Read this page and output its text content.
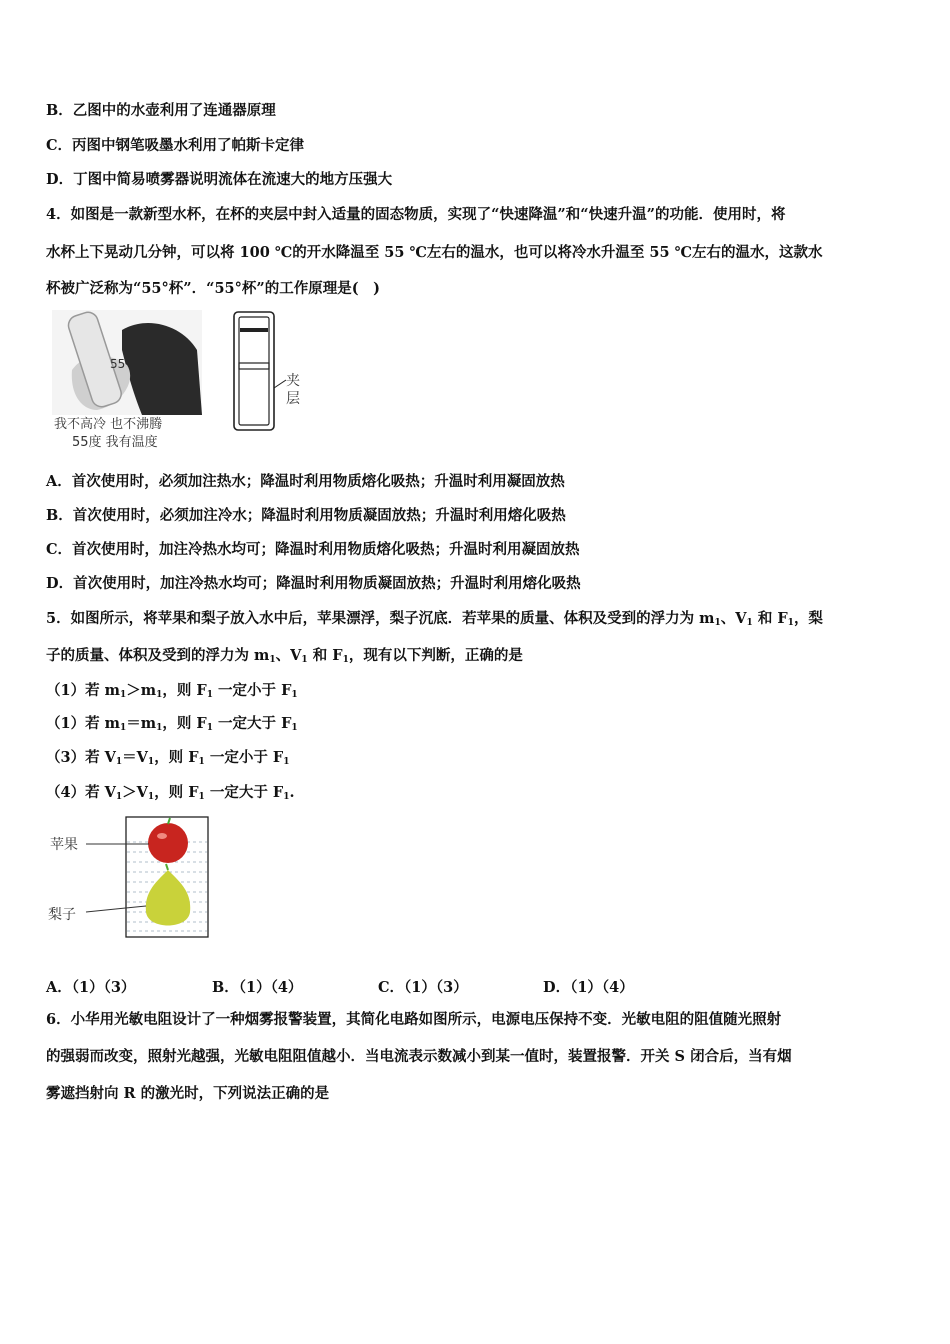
B．乙图中的水壶利用了连通器原理
C．丙图中钢笔吸墨水利用了帕斯卡定律
D．丁图中简易喷雾器说明流体在流速大的地方压强大
4．如图是一款新型水杯，在杯的夹层中封入适量的固态物质，实现了“快速降温”和“快速升温”的功能．使用时，将
水杯上下晃动几分钟，可以将 100 ℃的开水降温至 55 ℃左右的温水，也可以将冷水升温至 55 ℃左右的温水，这款水
杯被广泛称为“55°杯”．“55°杯”的工作原理是(　)
55
我不高冷 也不沸腾
55度 我有温度
夹
层
A．首次使用时，必须加注热水；降温时利用物质熔化吸热；升温时利用凝固放热
B．首次使用时，必须加注冷水；降温时利用物质凝固放热；升温时利用熔化吸热
C．首次使用时，加注冷热水均可；降温时利用物质熔化吸热；升温时利用凝固放热
D．首次使用时，加注冷热水均可；降温时利用物质凝固放热；升温时利用熔化吸热
5．如图所示，将苹果和梨子放入水中后，苹果漂浮，梨子沉底．若苹果的质量、体积及受到的浮力为 $m_1$、$V_1$ 和 $F_1$，梨
子的质量、体积及受到的浮力为 $m_1$、$V_1$ 和 $F_1$，现有以下判断，正确的是
（1）若 $m_1>m_1$，则 $F_1$ 一定小于 $F_1$
（1）若 $m_1=m_1$，则 $F_1$ 一定大于 $F_1$
（3）若 $V_1=V_1$，则 $F_1$ 一定小于 $F_1$
（4）若 $V_1>V_1$，则 $F_1$ 一定大于 $F_1$.
苹果
梨子
A．（1）（3）	B．（1）（4）	C．（1）（3）	D．（1）（4）
6．小华用光敏电阻设计了一种烟雾报警装置，其简化电路如图所示，电源电压保持不变．光敏电阻的阻值随光照射
的强弱而改变，照射光越强，光敏电阻阻值越小．当电流表示数减小到某一值时，装置报警．开关 S 闭合后，当有烟
雾遮挡射向 R 的激光时，下列说法正确的是
